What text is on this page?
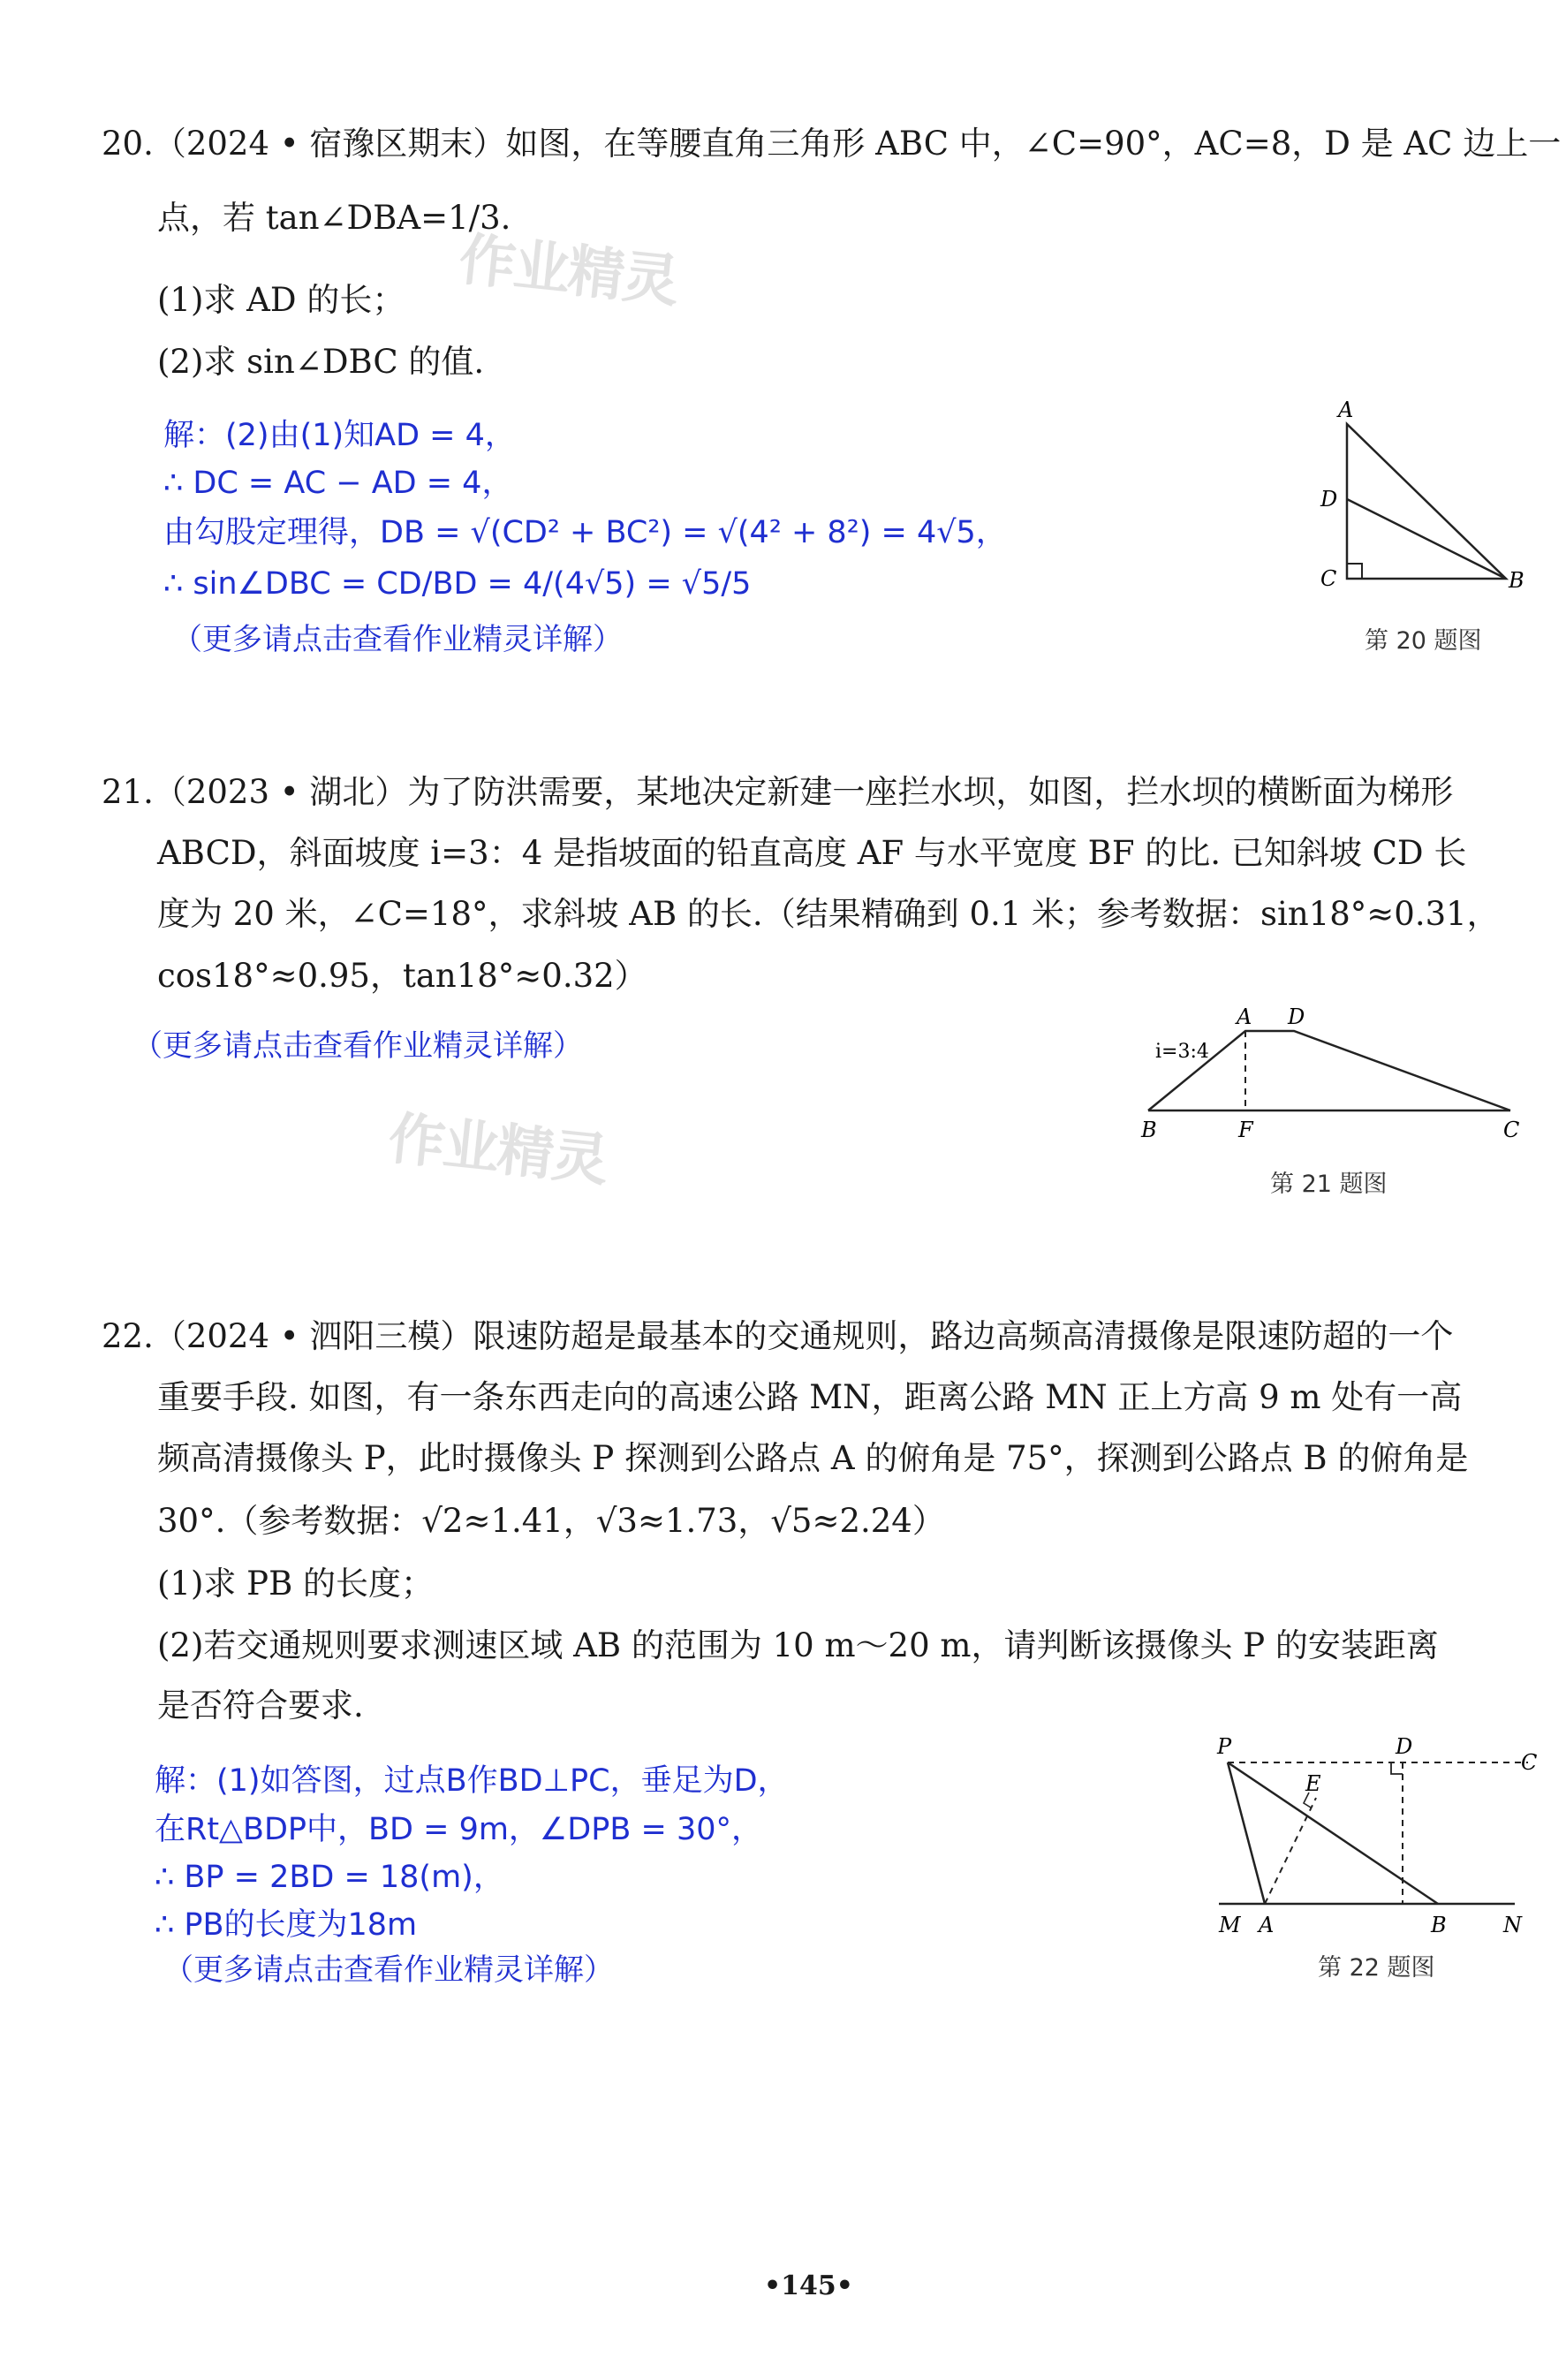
作业精灵
作业精灵
20.（2024 • 宿豫区期末）如图，在等腰直角三角形 ABC 中，∠C=90°，AC=8，D 是 AC 边上一
点，若 tan∠DBA=1/3.
(1)求 AD 的长；
(2)求 sin∠DBC 的值.
解：(2)由(1)知AD = 4，
∴ DC = AC − AD = 4，
由勾股定理得，DB = √(CD² + BC²) = √(4² + 8²) = 4√5，
∴ sin∠DBC = CD/BD = 4/(4√5) = √5/5
（更多请点击查看作业精灵详解）
A
D
C	B
第 20 题图
21.（2023 • 湖北）为了防洪需要，某地决定新建一座拦水坝，如图，拦水坝的横断面为梯形
ABCD，斜面坡度 i=3：4 是指坡面的铅直高度 AF 与水平宽度 BF 的比. 已知斜坡 CD 长
度为 20 米，∠C=18°，求斜坡 AB 的长.（结果精确到 0.1 米；参考数据：sin18°≈0.31，
cos18°≈0.95，tan18°≈0.32）
（更多请点击查看作业精灵详解）	i=3:4
A D
B	F	C
第 21 题图
22.（2024 • 泗阳三模）限速防超是最基本的交通规则，路边高频高清摄像是限速防超的一个
重要手段. 如图，有一条东西走向的高速公路 MN，距离公路 MN 正上方高 9 m 处有一高
频高清摄像头 P，此时摄像头 P 探测到公路点 A 的俯角是 75°，探测到公路点 B 的俯角是
30°.（参考数据：√2≈1.41，√3≈1.73，√5≈2.24）
(1)求 PB 的长度；
(2)若交通规则要求测速区域 AB 的范围为 10 m～20 m，请判断该摄像头 P 的安装距离
是否符合要求.
解：(1)如答图，过点B作BD⊥PC，垂足为D，
在Rt△BDP中，BD = 9m，∠DPB = 30°，
∴ BP = 2BD = 18(m)，
∴ PB的长度为18m
（更多请点击查看作业精灵详解）
P	D
C
E
M A	B	N
第 22 题图
•145•
